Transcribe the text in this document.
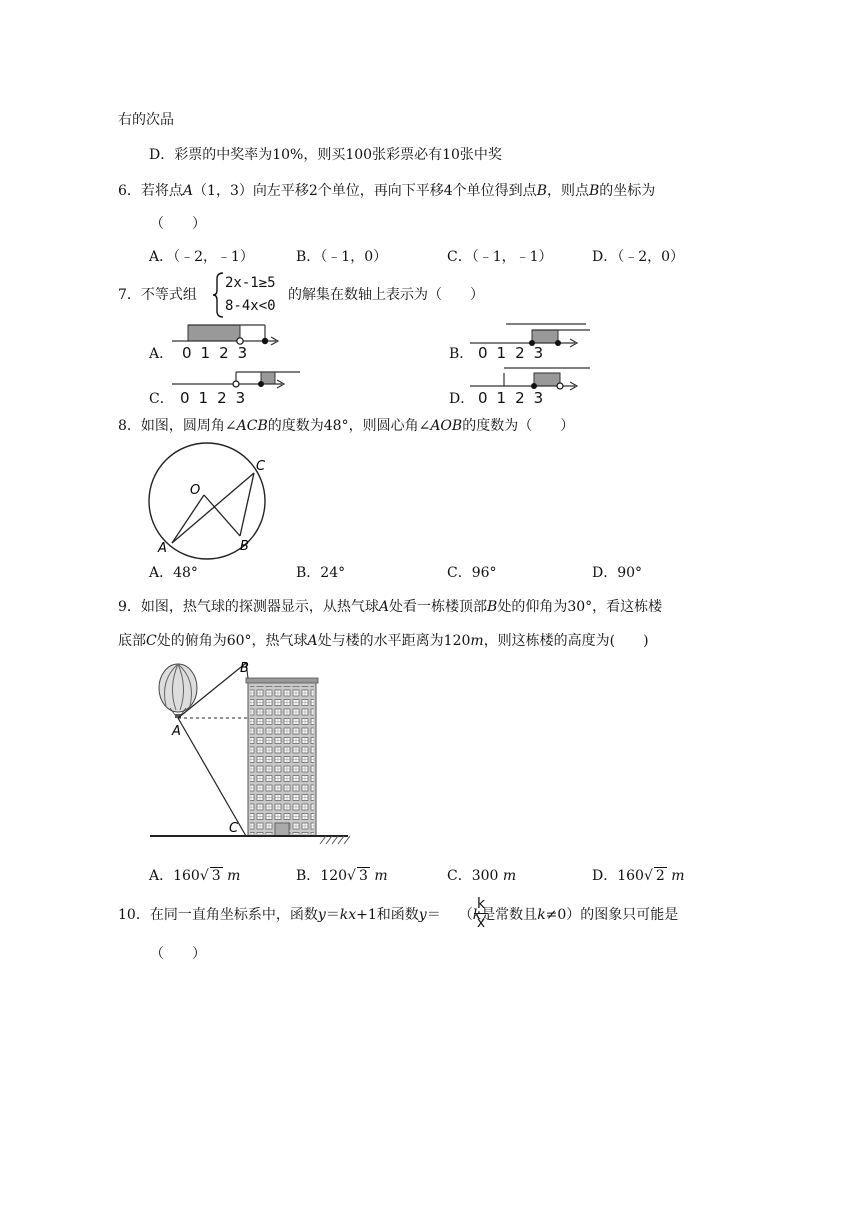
右的次品
D．彩票的中奖率为10%，则买100张彩票必有10张中奖
6．若将点A（1，3）向左平移2个单位，再向下平移4个单位得到点B，则点B的坐标为
（　　）
A．（﹣2，﹣1）	B．（﹣1，0）	C．（﹣1，﹣1）	D．（﹣2，0）
7．不等式组
2x-1≥5
8-4x<0
的解集在数轴上表示为（　　）
A． 0123	B． 0123
C． 0123	D． 0123
8．如图，圆周角∠ACB的度数为48°，则圆心角∠AOB的度数为（　　）
O
C
A	B
A．48°	B．24°	C．96°	D．90°
9．如图，热气球的探测器显示，从热气球A处看一栋楼顶部B处的仰角为30°，看这栋楼
底部C处的俯角为60°，热气球A处与楼的水平距离为120m，则这栋楼的高度为(　　)
B
A
C
A．160√ 3 m	B．120√ 3 m	C．300 m	D．160√ 2 m
10．在同一直角坐标系中，函数y＝kx+1和函数y＝ （k是常数且k≠0）的图象只可能是
$\frac{k}{x}$
（　　）
